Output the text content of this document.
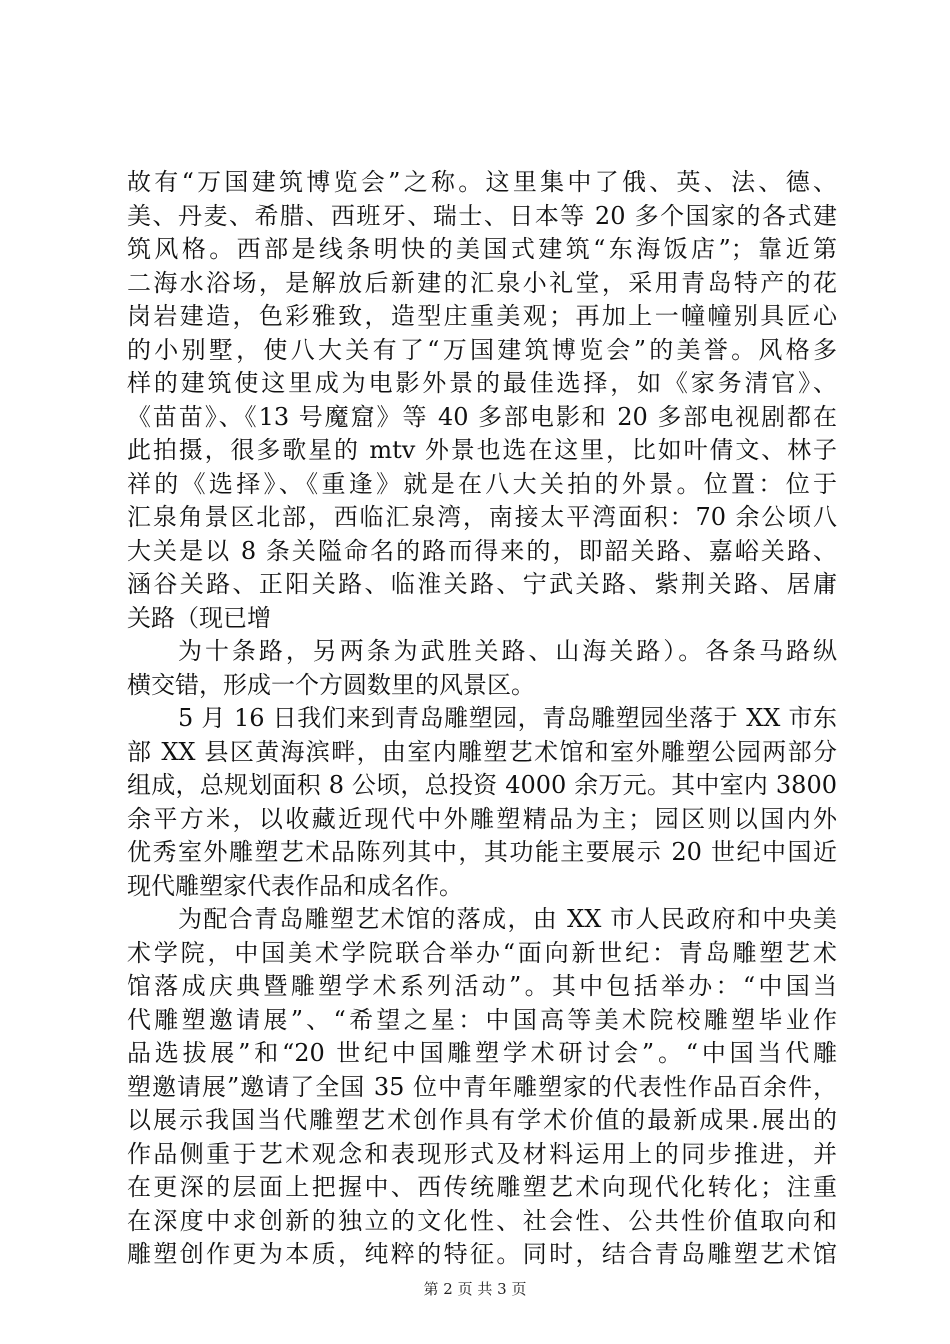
故有“万国建筑博览会”之称。这里集中了俄、英、法、德、
美、丹麦、希腊、西班牙、瑞士、日本等 20 多个国家的各式建
筑风格。西部是线条明快的美国式建筑“东海饭店”；靠近第
二海水浴场，是解放后新建的汇泉小礼堂，采用青岛特产的花
岗岩建造，色彩雅致，造型庄重美观；再加上一幢幢别具匠心
的小别墅，使八大关有了“万国建筑博览会”的美誉。风格多
样的建筑使这里成为电影外景的最佳选择，如《家务清官》、
《苗苗》、《13 号魔窟》等 40 多部电影和 20 多部电视剧都在
此拍摄，很多歌星的 mtv 外景也选在这里，比如叶倩文、林子
祥的《选择》、《重逢》就是在八大关拍的外景。位置：位于
汇泉角景区北部，西临汇泉湾，南接太平湾面积：70 余公顷八
大关是以 8 条关隘命名的路而得来的，即韶关路、嘉峪关路、
涵谷关路、正阳关路、临淮关路、宁武关路、紫荆关路、居庸
关路（现已增
为十条路，另两条为武胜关路、山海关路）。各条马路纵
横交错，形成一个方圆数里的风景区。
5 月 16 日我们来到青岛雕塑园，青岛雕塑园坐落于 XX 市东
部 XX 县区黄海滨畔，由室内雕塑艺术馆和室外雕塑公园两部分
组成，总规划面积 8 公顷，总投资 4000 余万元。其中室内 3800
余平方米，以收藏近现代中外雕塑精品为主；园区则以国内外
优秀室外雕塑艺术品陈列其中，其功能主要展示 20 世纪中国近
现代雕塑家代表作品和成名作。
为配合青岛雕塑艺术馆的落成，由 XX 市人民政府和中央美
术学院，中国美术学院联合举办“面向新世纪：青岛雕塑艺术
馆落成庆典暨雕塑学术系列活动”。其中包括举办：“中国当
代雕塑邀请展”、“希望之星：中国高等美术院校雕塑毕业作
品选拔展”和“20 世纪中国雕塑学术研讨会”。“中国当代雕
塑邀请展”邀请了全国 35 位中青年雕塑家的代表性作品百余件，
以展示我国当代雕塑艺术创作具有学术价值的最新成果.展出的
作品侧重于艺术观念和表现形式及材料运用上的同步推进，并
在更深的层面上把握中、西传统雕塑艺术向现代化转化；注重
在深度中求创新的独立的文化性、社会性、公共性价值取向和
雕塑创作更为本质，纯粹的特征。同时，结合青岛雕塑艺术馆
第 2 页 共 3 页
